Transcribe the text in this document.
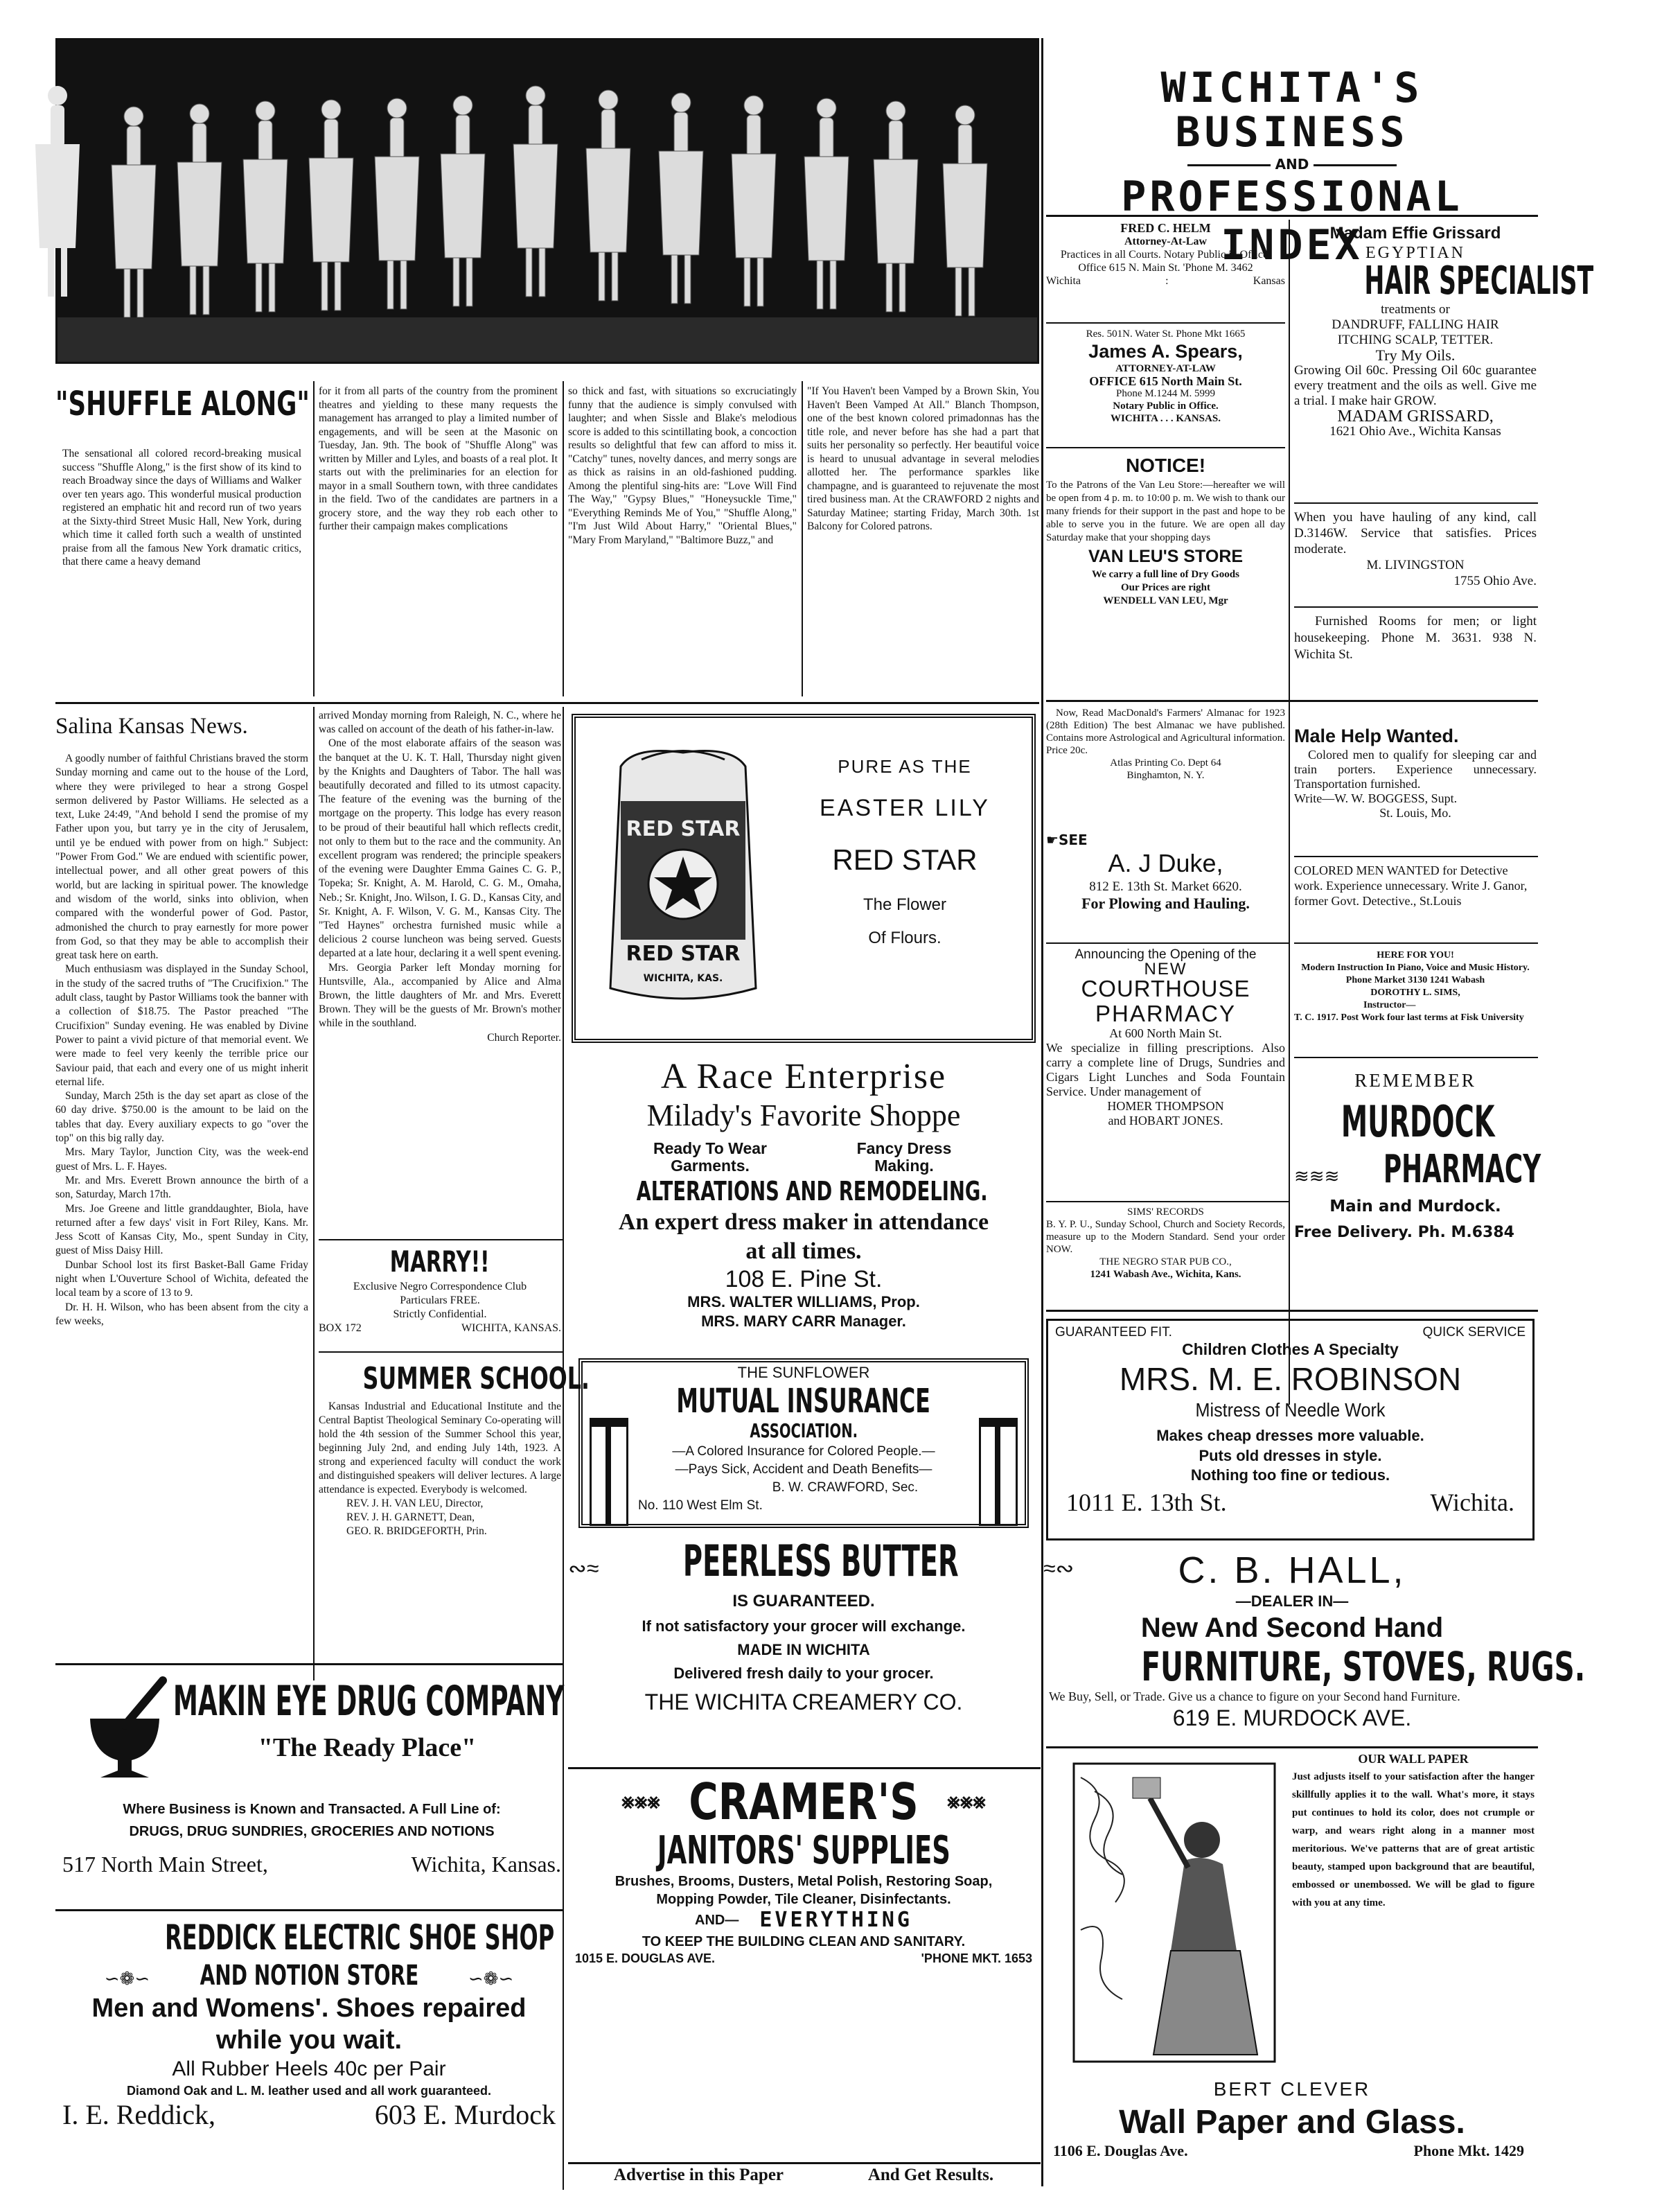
"SHUFFLE ALONG"
The sensational all colored record-breaking musical success "Shuffle Along," is the first show of its kind to reach Broadway since the days of Williams and Walker over ten years ago. This wonderful musical production registered an emphatic hit and record run of two years at the Sixty-third Street Music Hall, New York, during which time it called forth such a wealth of unstinted praise from all the famous New York dramatic critics, that there came a heavy demand
for it from all parts of the country from the prominent theatres and yielding to these many requests the management has arranged to play a limited number of engagements, and will be seen at the Masonic on Tuesday, Jan. 9th. The book of "Shuffle Along" was written by Miller and Lyles, and boasts of a real plot. It starts out with the preliminaries for an election for mayor in a small Southern town, with three candidates in the field. Two of the candidates are partners in a grocery store, and the way they rob each other to further their campaign makes complications
so thick and fast, with situations so excruciatingly funny that the audience is simply convulsed with laughter; and when Sissle and Blake's melodious score is added to this scintillating book, a concoction results so delightful that few can afford to miss it. "Catchy" tunes, novelty dances, and merry songs are as thick as raisins in an old-fashioned pudding. Among the plentiful sing-hits are: "Love Will Find The Way," "Gypsy Blues," "Honeysuckle Time," "Everything Reminds Me of You," "Shuffle Along," "I'm Just Wild About Harry," "Oriental Blues," "Mary From Maryland," "Baltimore Buzz," and
"If You Haven't been Vamped by a Brown Skin, You Haven't Been Vamped At All." Blanch Thompson, one of the best known colored primadonnas has the title role, and never before has she had a part that suits her personality so perfectly. Her beautiful voice is heard to unusual advantage in several melodies allotted her. The performance sparkles like champagne, and is guaranteed to rejuvenate the most tired business man. At the CRAWFORD 2 nights and Saturday Matinee; starting Friday, March 30th. 1st Balcony for Colored patrons.
WICHITA'S BUSINESS
AND
PROFESSIONAL INDEX
FRED C. HELM
Attorney-At-Law
Practices in all Courts. Notary Public in Office.
Office 615 N. Main St. 'Phone M. 3462
Wichita	:	Kansas
Res. 501N. Water St. Phone Mkt 1665
James A. Spears,
ATTORNEY-AT-LAW
OFFICE 615 North Main St.
Phone M.1244 M. 5999
Notary Public in Office.
WICHITA . . . KANSAS.
NOTICE!
To the Patrons of the Van Leu Store:—hereafter we will be open from 4 p. m. to 10:00 p. m. We wish to thank our many friends for their support in the past and hope to be able to serve you in the future. We are open all day Saturday make that your shopping days
VAN LEU'S STORE
We carry a full line of Dry Goods
Our Prices are right
WENDELL VAN LEU, Mgr
Madam Effie Grissard
EGYPTIAN
HAIR SPECIALIST
treatments or
DANDRUFF, FALLING HAIR
ITCHING SCALP, TETTER.
Try My Oils.
Growing Oil 60c. Pressing Oil 60c guarantee every treatment and the oils as well. Give me a trial. I make hair GROW.
MADAM GRISSARD,
1621 Ohio Ave., Wichita Kansas
When you have hauling of any kind, call D.3146W. Service that satisfies. Prices moderate.
M. LIVINGSTON
1755 Ohio Ave.
Furnished Rooms for men; or light housekeeping. Phone M. 3631. 938 N. Wichita St.
Now, Read MacDonald's Farmers' Almanac for 1923 (28th Edition) The best Almanac we have published. Contains more Astrological and Agricultural information. Price 20c.
Atlas Printing Co. Dept 64
Binghamton, N. Y.
Male Help Wanted.
Colored men to qualify for sleeping car and train porters. Experience unnecessary. Transportation furnished.
Write—W. W. BOGGESS, Supt.
St. Louis, Mo.
☛SEE
A. J Duke,
812 E. 13th St. Market 6620.
For Plowing and Hauling.
COLORED MEN WANTED for Detective work. Experience unnecessary. Write J. Ganor, former Govt. Detective., St.Louis
Announcing the Opening of the
NEW
COURTHOUSE
PHARMACY
At 600 North Main St.
We specialize in filling prescriptions. Also carry a complete line of Drugs, Sundries and Cigars Light Lunches and Soda Fountain Service. Under management of
HOMER THOMPSON
and HOBART JONES.
HERE FOR YOU!
Modern Instruction In Piano, Voice and Music History.
Phone Market 3130 1241 Wabash
DOROTHY L. SIMS,
Instructor—
T. C. 1917. Post Work four last terms at Fisk University
SIMS' RECORDS
B. Y. P. U., Sunday School, Church and Society Records, measure up to the Modern Standard. Send your order NOW.
THE NEGRO STAR PUB CO.,
1241 Wabash Ave., Wichita, Kans.
REMEMBER
MURDOCK
≋≋≋ PHARMACY
Main and Murdock.
Free Delivery. Ph. M.6384
GUARANTEED FIT.	QUICK SERVICE
Children Clothes A Specialty
MRS. M. E. ROBINSON
Mistress of Needle Work
Makes cheap dresses more valuable.
Puts old dresses in style.
Nothing too fine or tedious.
1011 E. 13th St.	Wichita.
C. B. HALL,
—DEALER IN—
New And Second Hand
FURNITURE, STOVES, RUGS.
We Buy, Sell, or Trade. Give us a chance to figure on your Second hand Furniture.
619 E. MURDOCK AVE.
OUR WALL PAPER
Just adjusts itself to your satisfaction after the hanger skillfully applies it to the wall. What's more, it stays put continues to hold its color, does not crumple or warp, and wears right along in a manner most meritorious. We've patterns that are of great artistic beauty, stamped upon background that are beautiful, embossed or unembossed. We will be glad to figure with you at any time.
BERT CLEVER
Wall Paper and Glass.
1106 E. Douglas Ave.	Phone Mkt. 1429
Salina Kansas News.

A goodly number of faithful Christians braved the storm Sunday morning and came out to the house of the Lord, where they were privileged to hear a strong Gospel sermon delivered by Pastor Williams. He selected as a text, Luke 24:49, "And behold I send the promise of my Father upon you, but tarry ye in the city of Jerusalem, until ye be endued with power from on high." Subject: "Power From God." We are endued with scientific power, intellectual power, and all other great powers of this world, but are lacking in spiritual power. The knowledge and wisdom of the world, sinks into oblivion, when compared with the wonderful power of God. Pastor, admonished the church to pray earnestly for more power from God, so that they may be able to accomplish their great task here on earth.

Much enthusiasm was displayed in the Sunday School, in the study of the sacred truths of "The Crucifixion." The adult class, taught by Pastor Williams took the banner with a collection of $18.75. The Pastor preached "The Crucifixion" Sunday evening. He was enabled by Divine Power to paint a vivid picture of that memorial event. We were made to feel very keenly the terrible price our Saviour paid, that each and every one of us might inherit eternal life.

Sunday, March 25th is the day set apart as close of the 60 day drive. $750.00 is the amount to be laid on the tables that day. Every auxiliary expects to go "over the top" on this big rally day.

Mrs. Mary Taylor, Junction City, was the week-end guest of Mrs. L. F. Hayes.

Mr. and Mrs. Everett Brown announce the birth of a son, Saturday, March 17th.

Mrs. Joe Greene and little granddaughter, Biola, have returned after a few days' visit in Fort Riley, Kans. Mr. Jess Scott of Kansas City, Mo., spent Sunday in City, guest of Miss Daisy Hill.

Dunbar School lost its first Basket-Ball Game Friday night when L'Ouverture School of Wichita, defeated the local team by a score of 13 to 9.

Dr. H. H. Wilson, who has been absent from the city a few weeks,

arrived Monday morning from Raleigh, N. C., where he was called on account of the death of his father-in-law.

One of the most elaborate affairs of the season was the banquet at the U. K. T. Hall, Thursday night given by the Knights and Daughters of Tabor. The hall was beautifully decorated and filled to its utmost capacity. The feature of the evening was the burning of the mortgage on the property. This lodge has every reason to be proud of their beautiful hall which reflects credit, not only to them but to the race and the community. An excellent program was rendered; the principle speakers of the evening were Daughter Emma Gaines C. G. P., Topeka; Sr. Knight, A. M. Harold, C. G. M., Omaha, Neb.; Sr. Knight, Jno. Wilson, I. G. D., Kansas City, and Sr. Knight, A. F. Wilson, V. G. M., Kansas City. The "Ted Haynes" orchestra furnished music while a delicious 2 course luncheon was being served. Guests departed at a late hour, declaring it a well spent evening.

Mrs. Georgia Parker left Monday morning for Huntsville, Ala., accompanied by Alice and Alma Brown, the little daughters of Mr. and Mrs. Everett Brown. They will be the guests of Mr. Brown's mother while in the southland.

Church Reporter.

MARRY!!
Exclusive Negro Correspondence Club
Particulars FREE.
Strictly Confidential.
BOX 172	WICHITA, KANSAS.
SUMMER SCHOOL.
Kansas Industrial and Educational Institute and the Central Baptist Theological Seminary Co-operating will hold the 4th session of the Summer School this year, beginning July 2nd, and ending July 14th, 1923. A strong and experienced faculty will conduct the work and distinguished speakers will deliver lectures. A large attendance is expected. Everybody is welcomed.
REV. J. H. VAN LEU, Director,
REV. J. H. GARNETT, Dean,
GEO. R. BRIDGEFORTH, Prin.
MAKIN EYE DRUG COMPANY
"The Ready Place"
Where Business is Known and Transacted. A Full Line of:
DRUGS, DRUG SUNDRIES, GROCERIES AND NOTIONS
517 North Main Street,	Wichita, Kansas.
REDDICK ELECTRIC SHOE SHOP
∽❁∽ AND NOTION STORE	∽❁∽
Men and Womens'. Shoes repaired
while you wait.
All Rubber Heels 40c per Pair
Diamond Oak and L. M. leather used and all work guaranteed.
I. E. Reddick,	603 E. Murdock
RED STAR
RED STAR
WICHITA, KAS.
PURE AS THE
EASTER LILY
RED STAR
The Flower
Of Flours.
A Race Enterprise
Milady's Favorite Shoppe
Ready To Wear Garments.
Fancy Dress Making.
ALTERATIONS AND REMODELING.
An expert dress maker in attendance
at all times.
108 E. Pine St.
MRS. WALTER WILLIAMS, Prop.
MRS. MARY CARR Manager.
THE SUNFLOWER
MUTUAL INSURANCE
ASSOCIATION.
—A Colored Insurance for Colored People.—
—Pays Sick, Accident and Death Benefits—
B. W. CRAWFORD, Sec.
No. 110 West Elm St.
∾≈ PEERLESS BUTTER	≈∾
IS GUARANTEED.
If not satisfactory your grocer will exchange.
MADE IN WICHITA
Delivered fresh daily to your grocer.
THE WICHITA CREAMERY CO.
⨳⨳⨳ CRAMER'S ⨳⨳⨳
JANITORS' SUPPLIES
Brushes, Brooms, Dusters, Metal Polish, Restoring Soap,
Mopping Powder, Tile Cleaner, Disinfectants.
AND— EVERYTHING
TO KEEP THE BUILDING CLEAN AND SANITARY.
1015 E. DOUGLAS AVE.	'PHONE MKT. 1653
Advertise in this Paper	And Get Results.
